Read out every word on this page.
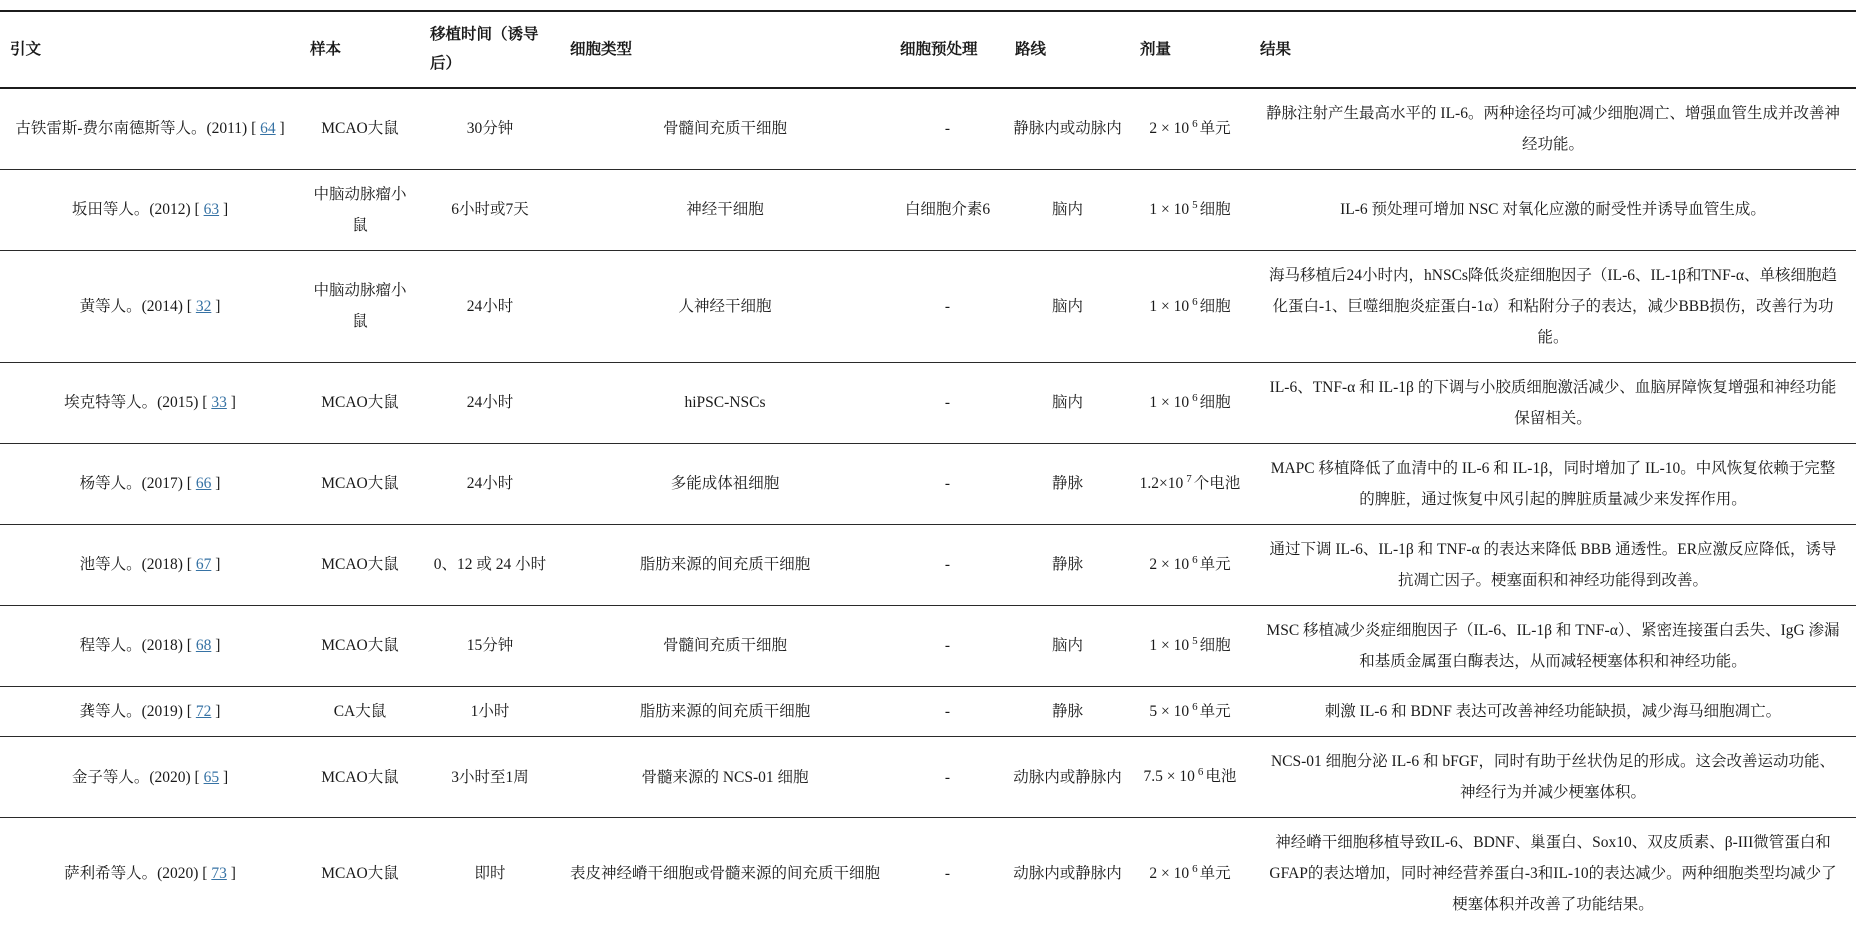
引文	样本	移植时间（诱导后）	细胞类型	细胞预处理	路线	剂量	结果
古铁雷斯-费尔南德斯等人。(2011) [ 64 ]	MCAO大鼠	30分钟	骨髓间充质干细胞	-	静脉内或动脉内	2 × 10 $^6$ 单元	静脉注射产生最高水平的 IL-6。两种途径均可减少细胞凋亡、增强血管生成并改善神经功能。
坂田等人。(2012) [ 63 ]	中脑动脉瘤小鼠	6小时或7天	神经干细胞	白细胞介素6	脑内	1 × 10 $^5$ 细胞	IL-6 预处理可增加 NSC 对氧化应激的耐受性并诱导血管生成。
黄等人。(2014) [ 32 ]	中脑动脉瘤小鼠	24小时	人神经干细胞	-	脑内	1 × 10 $^6$ 细胞	海马移植后24小时内，hNSCs降低炎症细胞因子（IL-6、IL-1β和TNF-α、单核细胞趋化蛋白-1、巨噬细胞炎症蛋白-1α）和粘附分子的表达，减少BBB损伤，改善行为功能。
埃克特等人。(2015) [ 33 ]	MCAO大鼠	24小时	hiPSC-NSCs	-	脑内	1 × 10 $^6$ 细胞	IL-6、TNF-α 和 IL-1β 的下调与小胶质细胞激活减少、血脑屏障恢复增强和神经功能保留相关。
杨等人。(2017) [ 66 ]	MCAO大鼠	24小时	多能成体祖细胞	-	静脉	1.2×10 $^7$ 个电池	MAPC 移植降低了血清中的 IL-6 和 IL-1β，同时增加了 IL-10。中风恢复依赖于完整的脾脏，通过恢复中风引起的脾脏质量减少来发挥作用。
池等人。(2018) [ 67 ]	MCAO大鼠	0、12 或 24 小时	脂肪来源的间充质干细胞	-	静脉	2 × 10 $^6$ 单元	通过下调 IL-6、IL-1β 和 TNF-α 的表达来降低 BBB 通透性。ER应激反应降低，诱导抗凋亡因子。梗塞面积和神经功能得到改善。
程等人。(2018) [ 68 ]	MCAO大鼠	15分钟	骨髓间充质干细胞	-	脑内	1 × 10 $^5$ 细胞	MSC 移植减少炎症细胞因子（IL-6、IL-1β 和 TNF-α）、紧密连接蛋白丢失、IgG 渗漏和基质金属蛋白酶表达，从而减轻梗塞体积和神经功能。
龚等人。(2019) [ 72 ]	CA大鼠	1小时	脂肪来源的间充质干细胞	-	静脉	5 × 10 $^6$ 单元	刺激 IL-6 和 BDNF 表达可改善神经功能缺损，减少海马细胞凋亡。
金子等人。(2020) [ 65 ]	MCAO大鼠	3小时至1周	骨髓来源的 NCS-01 细胞	-	动脉内或静脉内	7.5 × 10 $^6$ 电池	NCS-01 细胞分泌 IL-6 和 bFGF，同时有助于丝状伪足的形成。这会改善运动功能、神经行为并减少梗塞体积。
萨利希等人。(2020) [ 73 ]	MCAO大鼠	即时	表皮神经嵴干细胞或骨髓来源的间充质干细胞	-	动脉内或静脉内	2 × 10 $^6$ 单元	神经嵴干细胞移植导致IL-6、BDNF、巢蛋白、Sox10、双皮质素、β-III微管蛋白和GFAP的表达增加，同时神经营养蛋白-3和IL-10的表达减少。两种细胞类型均减少了梗塞体积并改善了功能结果。
